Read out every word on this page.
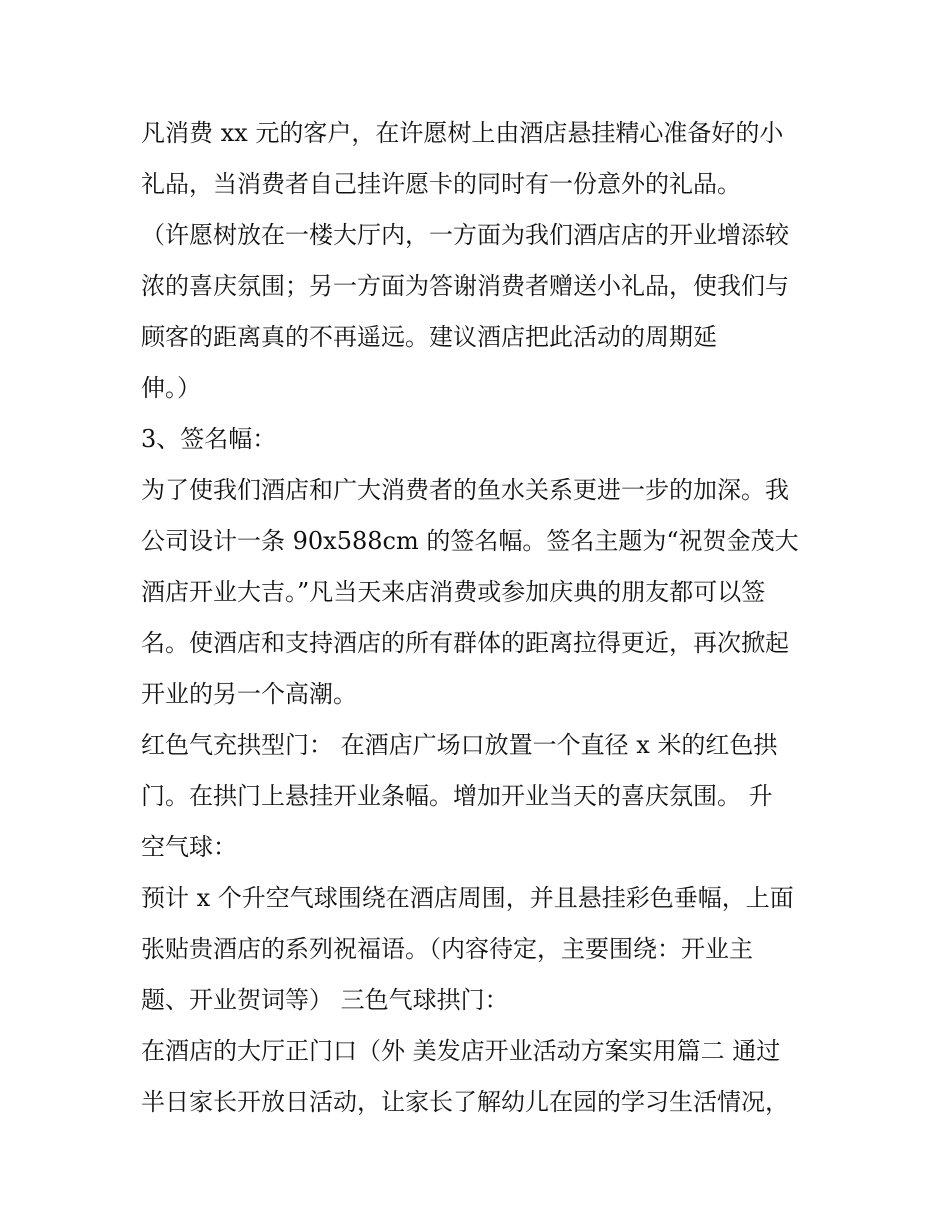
凡消费 xx 元的客户，在许愿树上由酒店悬挂精心准备好的小

礼品，当消费者自己挂许愿卡的同时有一份意外的礼品。

（许愿树放在一楼大厅内，一方面为我们酒店店的开业增添较

浓的喜庆氛围；另一方面为答谢消费者赠送小礼品，使我们与

顾客的距离真的不再遥远。建议酒店把此活动的周期延

伸。）

3、签名幅：

为了使我们酒店和广大消费者的鱼水关系更进一步的加深。我

公司设计一条 90x588cm 的签名幅。签名主题为“祝贺金茂大

酒店开业大吉。”凡当天来店消费或参加庆典的朋友都可以签

名。使酒店和支持酒店的所有群体的距离拉得更近，再次掀起

开业的另一个高潮。

红色气充拱型门： 在酒店广场口放置一个直径 x 米的红色拱

门。在拱门上悬挂开业条幅。增加开业当天的喜庆氛围。 升

空气球：

预计 x 个升空气球围绕在酒店周围，并且悬挂彩色垂幅，上面

张贴贵酒店的系列祝福语。（内容待定，主要围绕：开业主

题、开业贺词等） 三色气球拱门：

在酒店的大厅正门口（外 美发店开业活动方案实用篇二 通过

半日家长开放日活动，让家长了解幼儿在园的学习生活情况，
